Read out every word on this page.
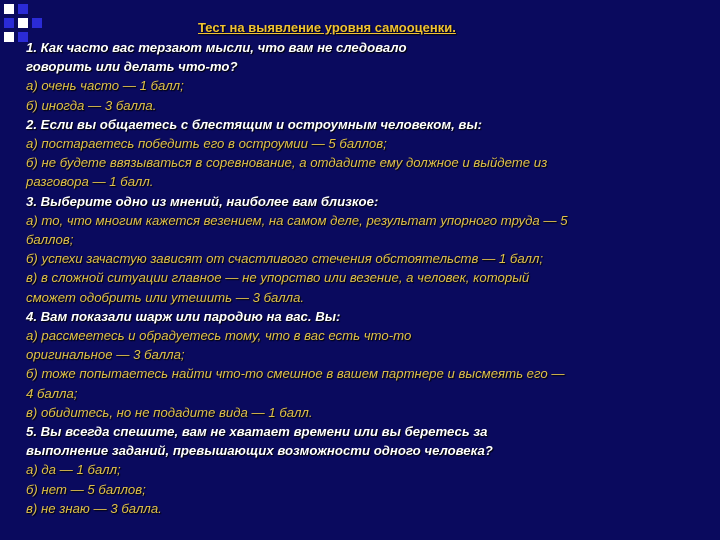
Тест на выявление уровня самооценки.
1. Как часто вас терзают мысли, что вам не следовало
говорить или делать что-то?
а) очень часто — 1 балл;
б) иногда — 3 балла.
2. Если вы общаетесь с блестящим и остроумным человеком, вы:
а) постараетесь победить его в остроумии — 5 баллов;
б) не будете ввязываться в соревнование, а отдадите ему должное и выйдете из
разговора — 1 балл.
3. Выберите одно из мнений, наиболее вам близкое:
а) то, что многим кажется везением, на самом деле, результат упорного труда — 5
баллов;
б) успехи зачастую зависят от счастливого стечения обстоятельств — 1 балл;
в) в сложной ситуации главное — не упорство или везение, а человек, который
сможет одобрить или утешить — 3 балла.
4. Вам показали шарж или пародию на вас. Вы:
а) рассмеетесь и обрадуетесь тому, что в вас есть что-то
оригинальное — 3 балла;
б) тоже попытаетесь найти что-то смешное в вашем партнере и высмеять его —
4 балла;
в) обидитесь, но не подадите вида — 1 балл.
5. Вы всегда спешите, вам не хватает времени или вы беретесь за
выполнение заданий, превышающих возможности одного человека?
а) да — 1 балл;
б) нет — 5 баллов;
в) не знаю — 3 балла.
